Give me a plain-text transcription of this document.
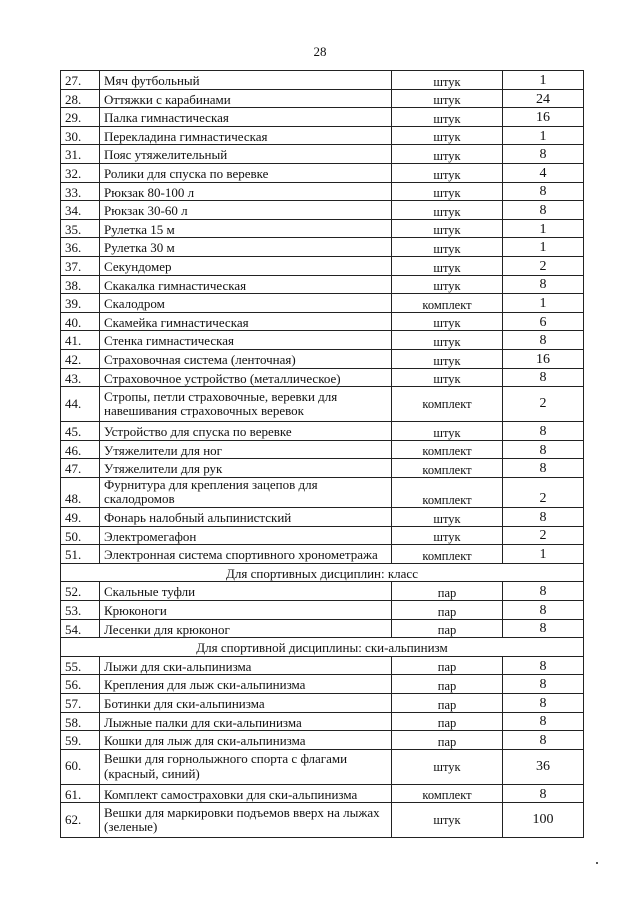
28
27.	Мяч футбольный	штук	1
28.	Оттяжки с карабинами	штук	24
29.	Палка гимнастическая	штук	16
30.	Перекладина гимнастическая	штук	1
31.	Пояс утяжелительный	штук	8
32.	Ролики для спуска по веревке	штук	4
33.	Рюкзак 80-100 л	штук	8
34.	Рюкзак 30-60 л	штук	8
35.	Рулетка 15 м	штук	1
36.	Рулетка 30 м	штук	1
37.	Секундомер	штук	2
38.	Скакалка гимнастическая	штук	8
39.	Скалодром	комплект	1
40.	Скамейка гимнастическая	штук	6
41.	Стенка гимнастическая	штук	8
42.	Страховочная система (ленточная)	штук	16
43.	Страховочное устройство (металлическое)	штук	8
44.	Стропы, петли страховочные, веревки для навешивания страховочных веревок	комплект	2
45.	Устройство для спуска по веревке	штук	8
46.	Утяжелители для ног	комплект	8
47.	Утяжелители для рук	комплект	8
48.	Фурнитура для крепления зацепов для скалодромов	комплект	2
49.	Фонарь налобный альпинистский	штук	8
50.	Электромегафон	штук	2
51.	Электронная система спортивного хронометража	комплект	1
Для спортивных дисциплин: класс			
52.	Скальные туфли	пар	8
53.	Крюконоги	пар	8
54.	Лесенки для крюконог	пар	8
Для спортивной дисциплины: ски-альпинизм			
55.	Лыжи для ски-альпинизма	пар	8
56.	Крепления для лыж ски-альпинизма	пар	8
57.	Ботинки для ски-альпинизма	пар	8
58.	Лыжные палки для ски-альпинизма	пар	8
59.	Кошки для лыж для ски-альпинизма	пар	8
60.	Вешки для горнолыжного спорта с флагами (красный, синий)	штук	36
61.	Комплект самостраховки для ски-альпинизма	комплект	8
62.	Вешки для маркировки подъемов вверх на лыжах (зеленые)	штук	100
